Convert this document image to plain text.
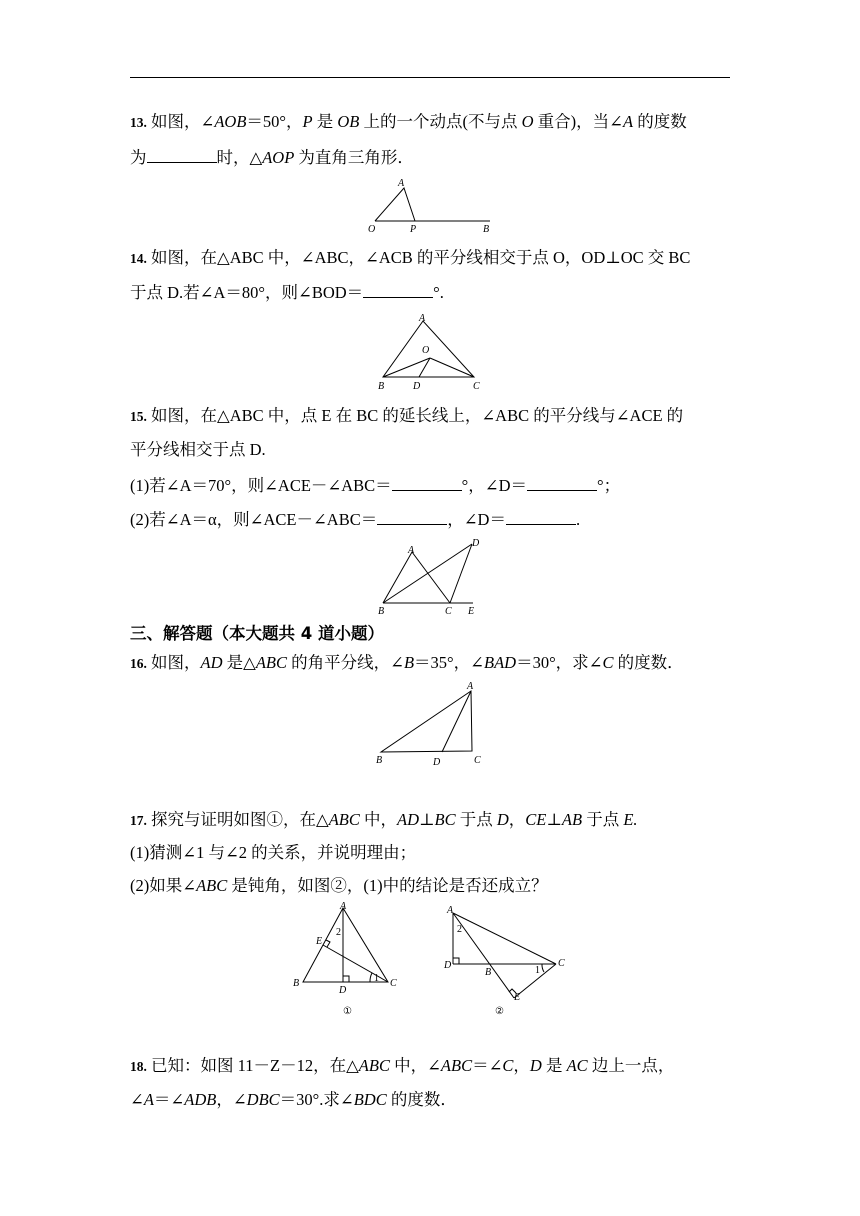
13. 如图，∠AOB＝50°，P 是 OB 上的一个动点(不与点 O 重合)，当∠A 的度数
为	时，△AOP 为直角三角形．
A
O	P	B
14. 如图，在△ABC 中，∠ABC，∠ACB 的平分线相交于点 O，OD⊥OC 交 BC
于点 D.若∠A＝80°，则∠BOD＝	°.
A
O
B	D	C
15. 如图，在△ABC 中，点 E 在 BC 的延长线上，∠ABC 的平分线与∠ACE 的
平分线相交于点 D.
(1)若∠A＝70°，则∠ACE－∠ABC＝	°，∠D＝	°；
(2)若∠A＝α，则∠ACE－∠ABC＝	，∠D＝	.
A
D
B	C E
三、解答题（本大题共 4 道小题）
16. 如图，AD 是△ABC 的角平分线，∠B＝35°，∠BAD＝30°，求∠C 的度数．
A
B	D	C
17. 探究与证明如图①，在△ABC 中，AD⊥BC 于点 D，CE⊥AB 于点 E.
(1)猜测∠1 与∠2 的关系，并说明理由；
(2)如果∠ABC 是钝角，如图②，(1)中的结论是否还成立？
A
E
2
1
B
D
C
①
A
2
D
B	1
C
E
②
18. 已知：如图 11－Z－12，在△ABC 中，∠ABC＝∠C，D 是 AC 边上一点，
∠A＝∠ADB，∠DBC＝30°.求∠BDC 的度数．
